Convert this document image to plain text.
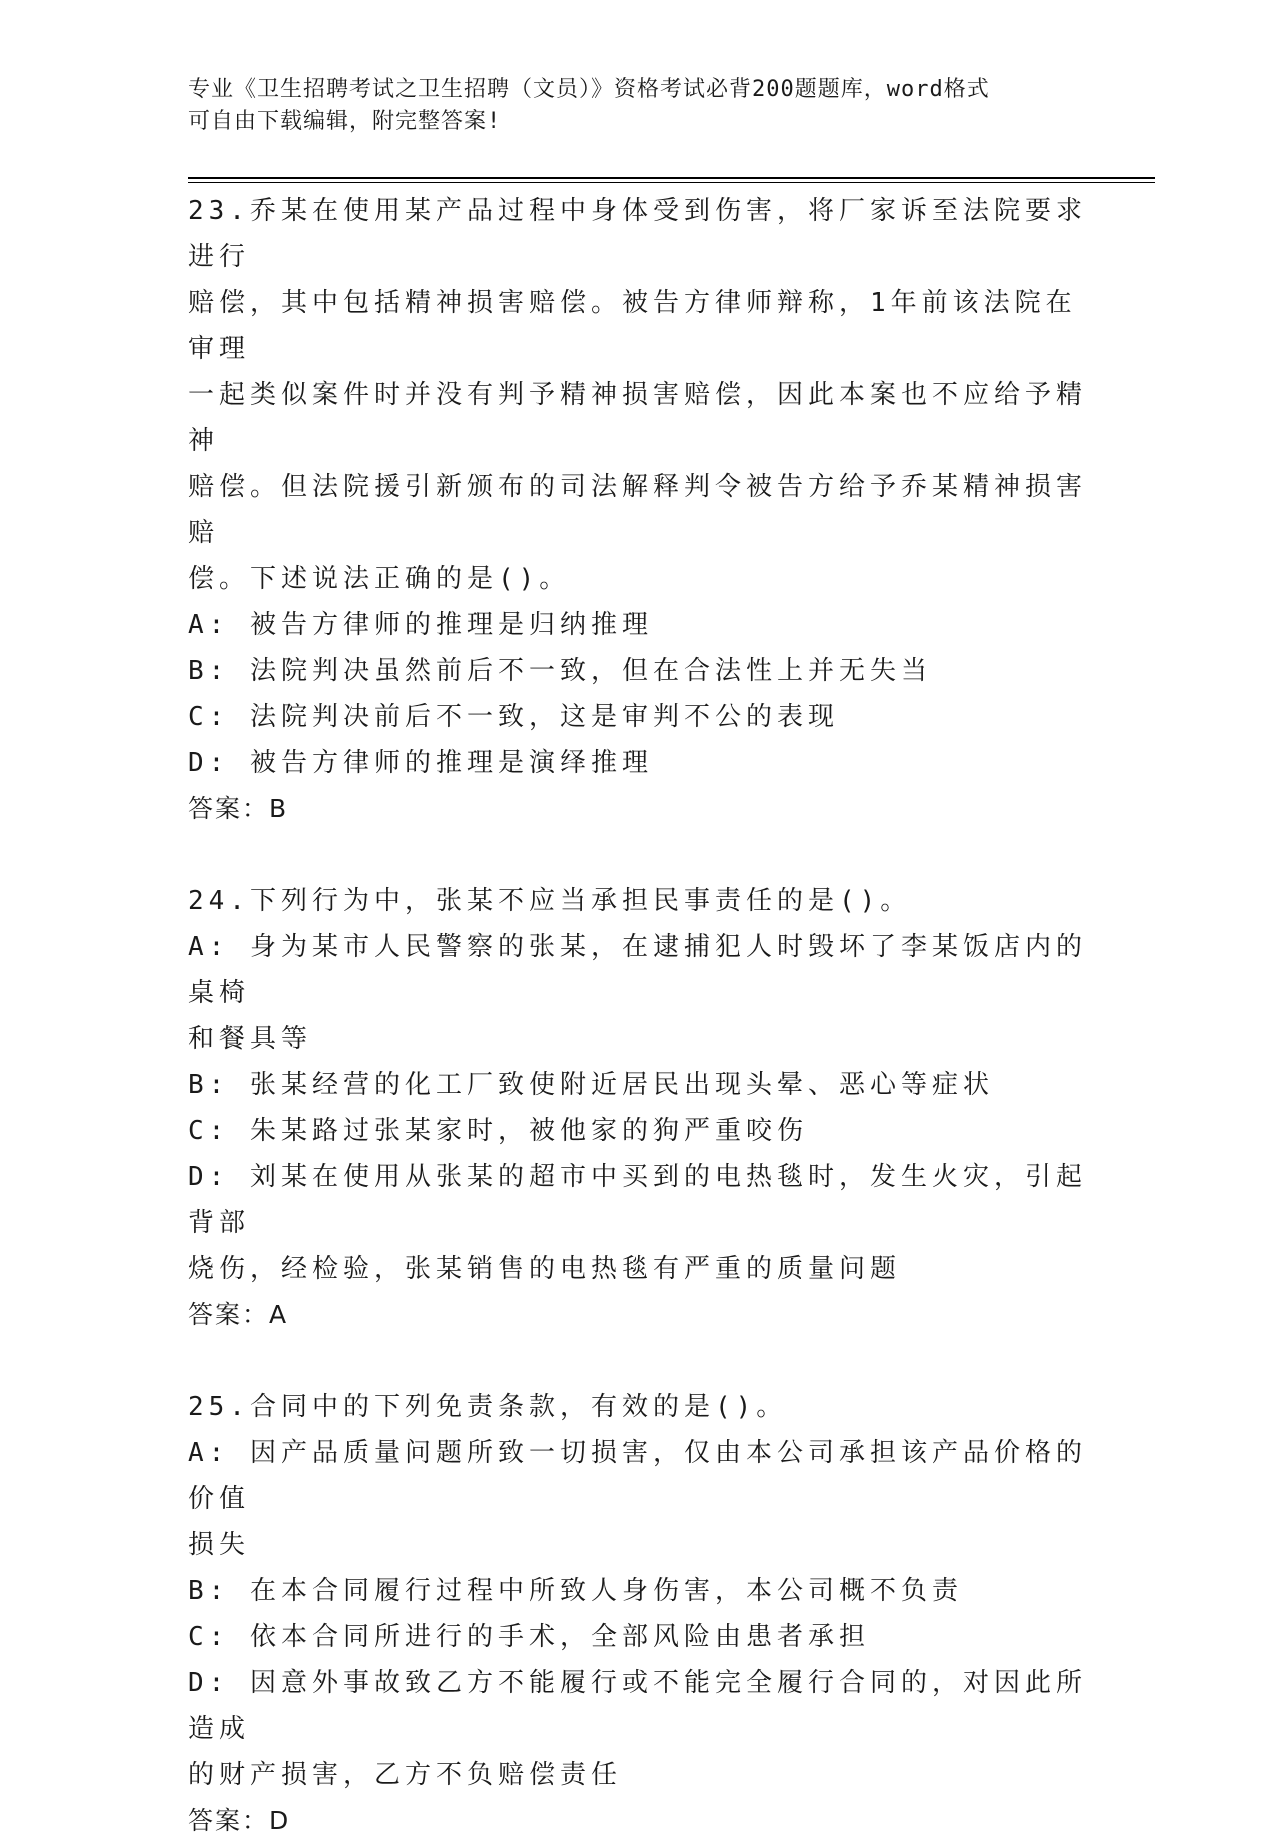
专业《卫生招聘考试之卫生招聘（文员）》资格考试必背200题题库，word格式
可自由下载编辑，附完整答案!

23.乔某在使用某产品过程中身体受到伤害，将厂家诉至法院要求进行

赔偿，其中包括精神损害赔偿。被告方律师辩称，1年前该法院在审理

一起类似案件时并没有判予精神损害赔偿，因此本案也不应给予精神

赔偿。但法院援引新颁布的司法解释判令被告方给予乔某精神损害赔

偿。下述说法正确的是()。

A: 被告方律师的推理是归纳推理

B: 法院判决虽然前后不一致，但在合法性上并无失当

C: 法院判决前后不一致，这是审判不公的表现

D: 被告方律师的推理是演绎推理

答案：B

24.下列行为中，张某不应当承担民事责任的是()。

A: 身为某市人民警察的张某，在逮捕犯人时毁坏了李某饭店内的桌椅

和餐具等

B: 张某经营的化工厂致使附近居民出现头晕、恶心等症状

C: 朱某路过张某家时，被他家的狗严重咬伤

D: 刘某在使用从张某的超市中买到的电热毯时，发生火灾，引起背部

烧伤，经检验，张某销售的电热毯有严重的质量问题

答案：A

25.合同中的下列免责条款，有效的是()。

A: 因产品质量问题所致一切损害，仅由本公司承担该产品价格的价值

损失

B: 在本合同履行过程中所致人身伤害，本公司概不负责

C: 依本合同所进行的手术，全部风险由患者承担

D: 因意外事故致乙方不能履行或不能完全履行合同的，对因此所造成

的财产损害，乙方不负赔偿责任

答案：D
